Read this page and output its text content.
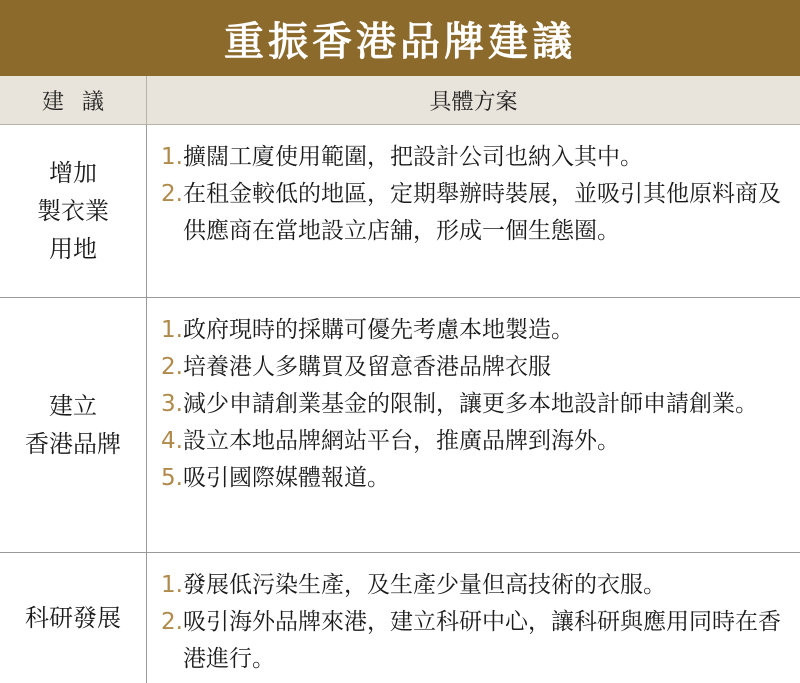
重振香港品牌建議
建議	具體方案
增加
製衣業
用地
1. 擴闊工廈使用範圍，把設計公司也納入其中。
2. 在租金較低的地區，定期舉辦時裝展，並吸引其他原料商及供應商在當地設立店舖，形成一個生態圈。
建立
香港品牌
1. 政府現時的採購可優先考慮本地製造。
2. 培養港人多購買及留意香港品牌衣服
3. 減少申請創業基金的限制，讓更多本地設計師申請創業。
4. 設立本地品牌網站平台，推廣品牌到海外。
5. 吸引國際媒體報道。
科研發展
1. 發展低污染生產，及生產少量但高技術的衣服。
2. 吸引海外品牌來港，建立科研中心，讓科研與應用同時在香港進行。
